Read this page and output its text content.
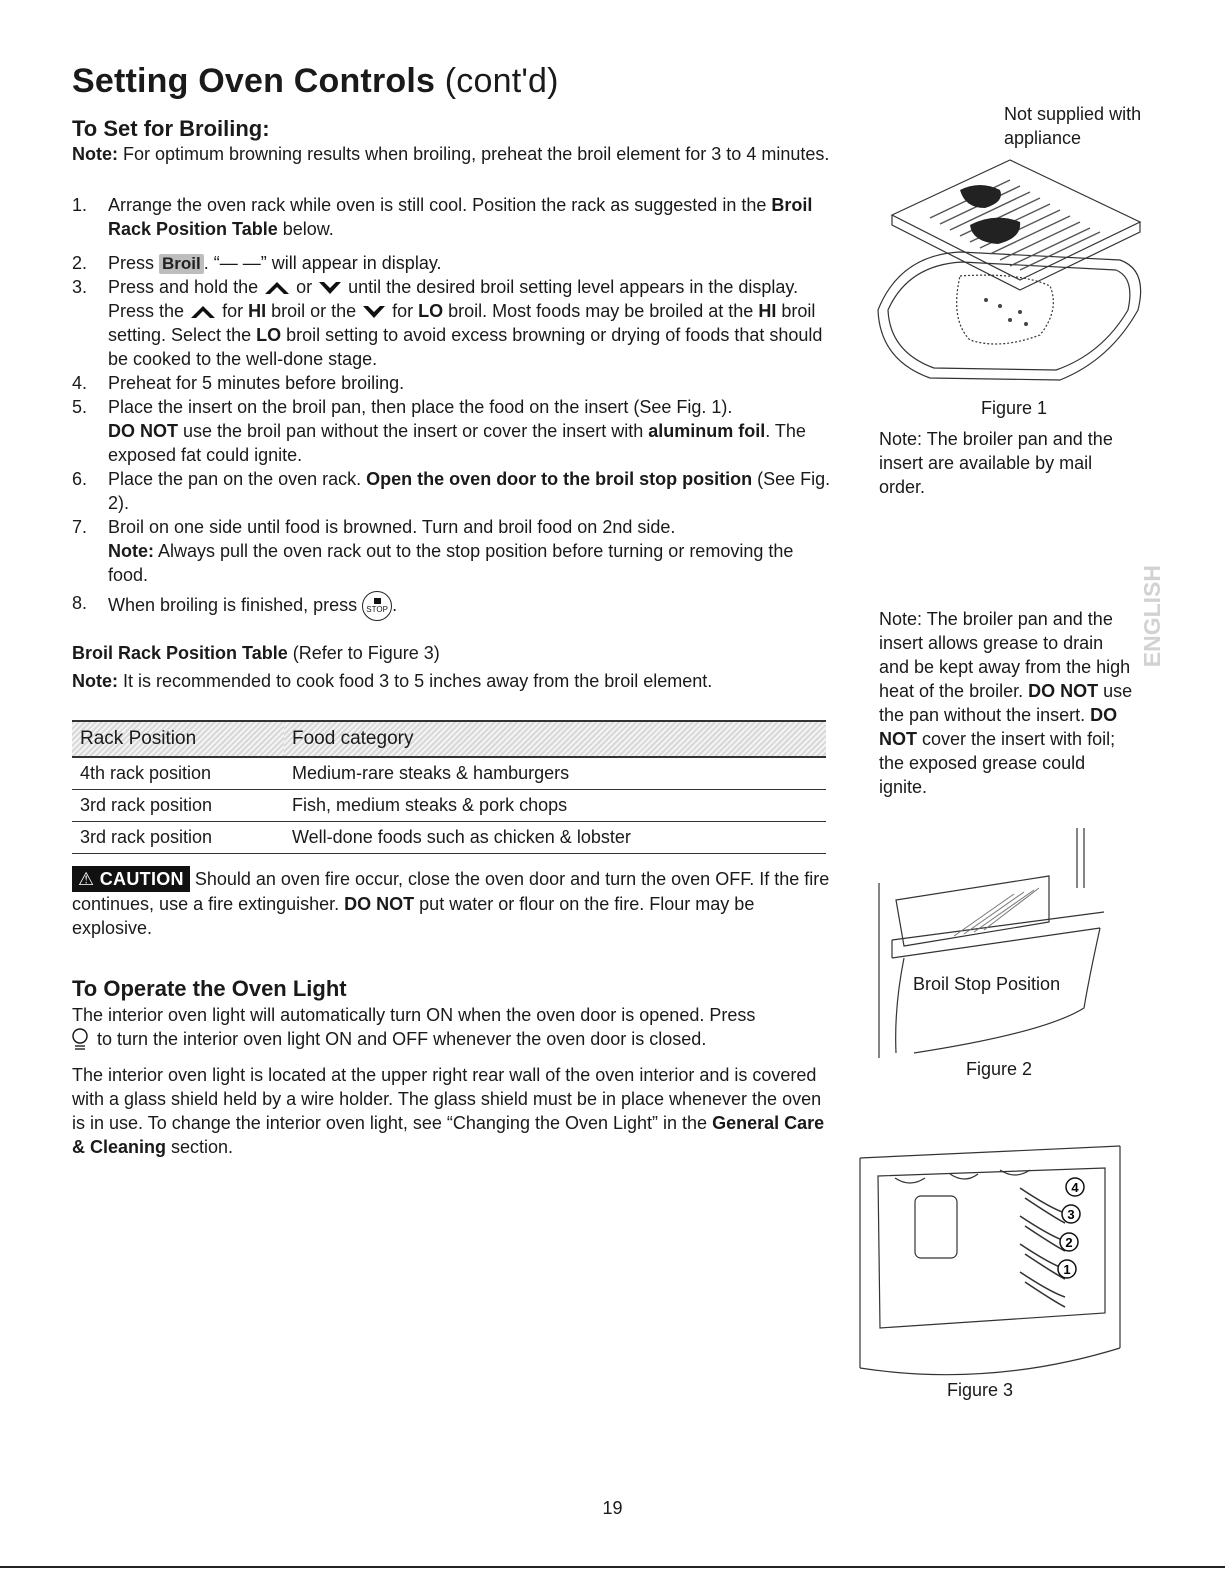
Setting Oven Controls (cont'd)
To Set for Broiling:
Note: For optimum browning results when broiling, preheat the broil element for 3 to 4 minutes.
1. Arrange the oven rack while oven is still cool. Position the rack as suggested in the Broil Rack Position Table below.
2. Press Broil . “— —” will appear in display.
3. Press and hold the  or  until the desired broil setting level appears in the display. Press the  for HI broil or the  for LO broil. Most foods may be broiled at the HI broil setting. Select the LO broil setting to avoid excess browning or drying of foods that should be cooked to the well-done stage.
4. Preheat for 5 minutes before broiling.
5. Place the insert on the broil pan, then place the food on the insert (See Fig. 1).
DO NOT use the broil pan without the insert or cover the insert with aluminum foil. The exposed fat could ignite.
6. Place the pan on the oven rack. Open the oven door to the broil stop position (See Fig. 2).
7. Broil on one side until food is browned. Turn and broil food on 2nd side.
Note: Always pull the oven rack out to the stop position before turning or removing the food.
8. When broiling is finished, press
STOP .
Broil Rack Position Table (Refer to Figure 3)
Note: It is recommended to cook food 3 to 5 inches away from the broil element.
Rack Position	Food category
4th rack position	Medium-rare steaks & hamburgers
3rd rack position	Fish, medium steaks & pork chops
3rd rack position	Well-done foods such as chicken & lobster
⚠ CAUTION Should an oven fire occur, close the oven door and turn the oven OFF. If the fire continues, use a fire extinguisher. DO NOT put water or flour on the fire. Flour may be explosive.
To Operate the Oven Light
The interior oven light will automatically turn ON when the oven door is opened. Press
to turn the interior oven light ON and OFF whenever the oven door is closed.
The interior oven light is located at the upper right rear wall of the oven interior and is covered with a glass shield held by a wire holder. The glass shield must be in place whenever the oven is in use. To change the interior oven light, see “Changing the Oven Light” in the General Care & Cleaning section.
Not supplied with appliance
Figure 1
Note: The broiler pan and the insert are available by mail order.
ENGLISH
Note: The broiler pan and the insert allows grease to drain and be kept away from the high heat of the broiler. DO NOT use the pan without the insert. DO NOT cover the insert with foil; the exposed grease could ignite.
Broil Stop Position
Figure 2
4
3
2
1
Figure 3
19
